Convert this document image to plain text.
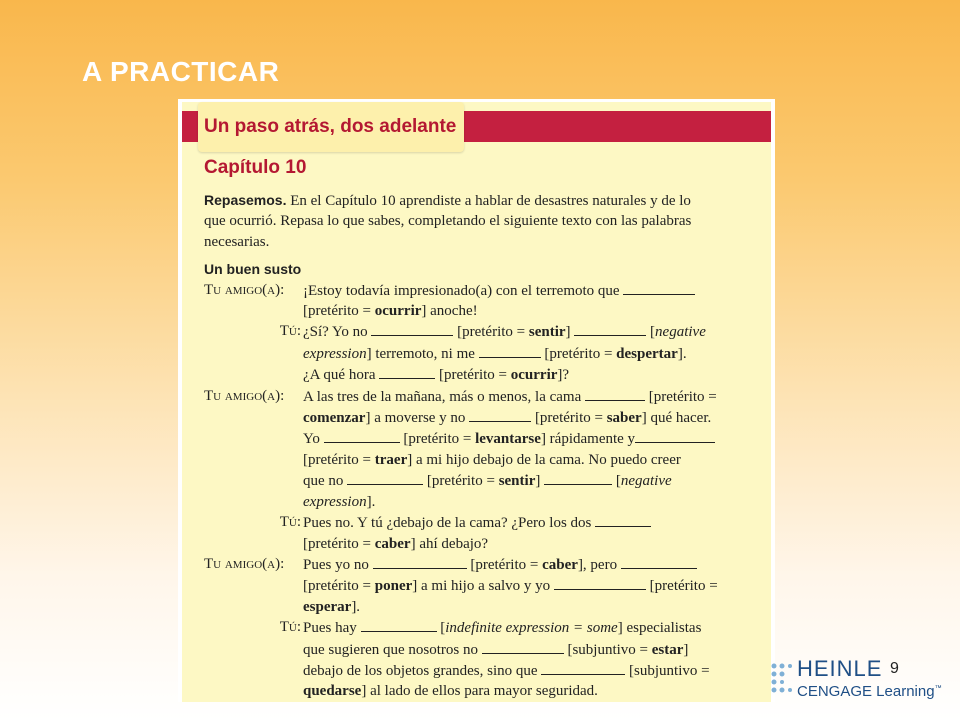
A PRACTICAR
Un paso atrás, dos adelante
Capítulo 10

Repasemos. En el Capítulo 10 aprendiste a hablar de desastres naturales y de lo
que ocurrió. Repasa lo que sabes, completando el siguiente texto con las palabras
necesarias.

Un buen susto

Tu amigo(a):	¡Estoy todavía impresionado(a) con el terremoto que

[pretérito = ocurrir] anoche!

Tú: ¿Sí? Yo no	[pretérito = sentir]	[negative

expression] terremoto, ni me	[pretérito = despertar].

¿A qué hora	[pretérito = ocurrir]?

Tu amigo(a):	A las tres de la mañana, más o menos, la cama	[pretérito =

comenzar] a moverse y no	[pretérito = saber] qué hacer.

Yo	[pretérito = levantarse] rápidamente y

[pretérito = traer] a mi hijo debajo de la cama. No puedo creer

que no	[pretérito = sentir]	[negative

expression].

Tú: Pues no. Y tú ¿debajo de la cama? ¿Pero los dos

[pretérito = caber] ahí debajo?

Tu amigo(a):	Pues yo no	[pretérito = caber], pero

[pretérito = poner] a mi hijo a salvo y yo	[pretérito =

esperar].

Tú: Pues hay	[indefinite expression = some] especialistas

que sugieren que nosotros no	[subjuntivo = estar]

debajo de los objetos grandes, sino que	[subjuntivo =

quedarse] al lado de ellos para mayor seguridad.

HEINLE
CENGAGE Learning™
9
